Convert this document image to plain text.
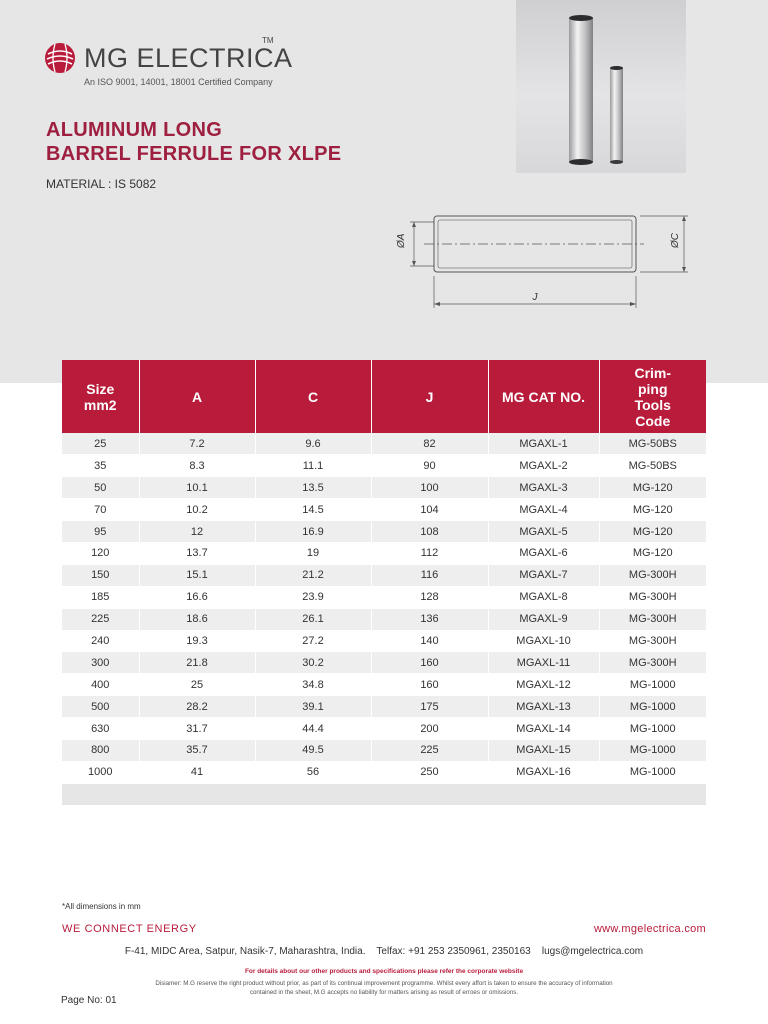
MG ELECTRICA
TM
An ISO 9001, 14001, 18001 Certified Company
ALUMINUM LONG
BARREL FERRULE FOR XLPE
MATERIAL : IS 5082
ØA	ØC
J
Size mm2	A	C	J	MG CAT NO.	Crim- ping Tools Code
25	7.2	9.6	82	MGAXL-1	MG-50BS
35	8.3	11.1	90	MGAXL-2	MG-50BS
50	10.1	13.5	100	MGAXL-3	MG-120
70	10.2	14.5	104	MGAXL-4	MG-120
95	12	16.9	108	MGAXL-5	MG-120
120	13.7	19	112	MGAXL-6	MG-120
150	15.1	21.2	116	MGAXL-7	MG-300H
185	16.6	23.9	128	MGAXL-8	MG-300H
225	18.6	26.1	136	MGAXL-9	MG-300H
240	19.3	27.2	140	MGAXL-10	MG-300H
300	21.8	30.2	160	MGAXL-11	MG-300H
400	25	34.8	160	MGAXL-12	MG-1000
500	28.2	39.1	175	MGAXL-13	MG-1000
630	31.7	44.4	200	MGAXL-14	MG-1000
800	35.7	49.5	225	MGAXL-15	MG-1000
1000	41	56	250	MGAXL-16	MG-1000
*All dimensions in mm
WE CONNECT ENERGY	www.mgelectrica.com
F-41, MIDC Area, Satpur, Nasik-7, Maharashtra, India.    Telfax: +91 253 2350961, 2350163    lugs@mgelectrica.com
For details about our other products and specifications please refer the corporate website
Disiamer: M.G reserve the right product without prior, as part of its continual improvement programme. Whilst every affort is taken to ensure the accuracy of information contained in the sheet, M.G accepts no liability for matters arising as result of erroes or omissions.
Page No: 01
